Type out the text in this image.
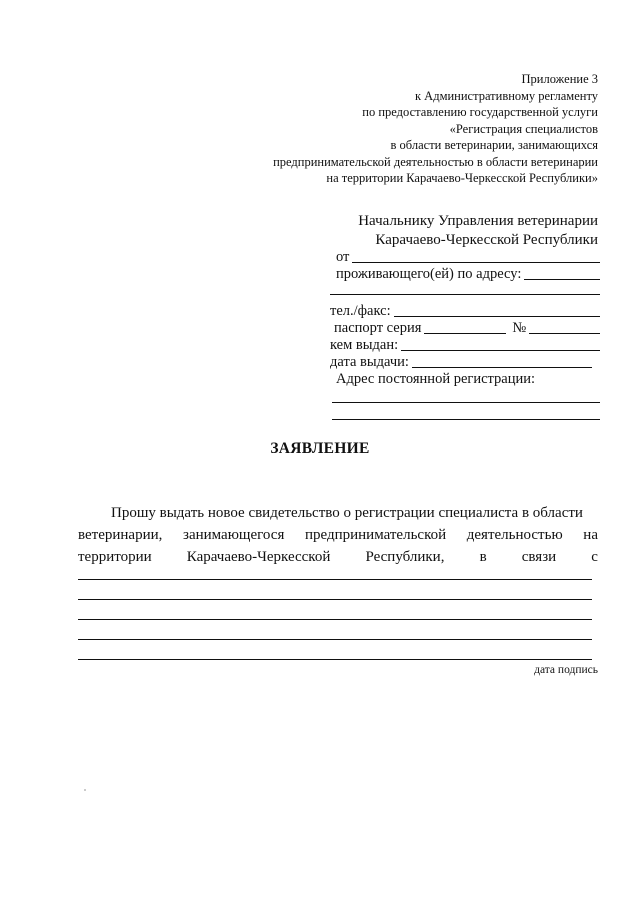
Приложение 3
к Административному регламенту
по предоставлению государственной услуги
«Регистрация специалистов
в области ветеринарии, занимающихся
предпринимательской деятельностью в области ветеринарии
на территории Карачаево-Черкесской Республики»
Начальнику Управления ветеринарии
Карачаево-Черкесской Республики
от
проживающего(ей) по адресу:
тел./факс:
паспорт серия	№
кем выдан:
дата выдачи:
Адрес постоянной регистрации:
ЗАЯВЛЕНИЕ
Прошу выдать новое свидетельство о регистрации специалиста в области
ветеринарии, занимающегося предпринимательской деятельностью на
территории Карачаево-Черкесской Республики, в связи с
дата подпись
